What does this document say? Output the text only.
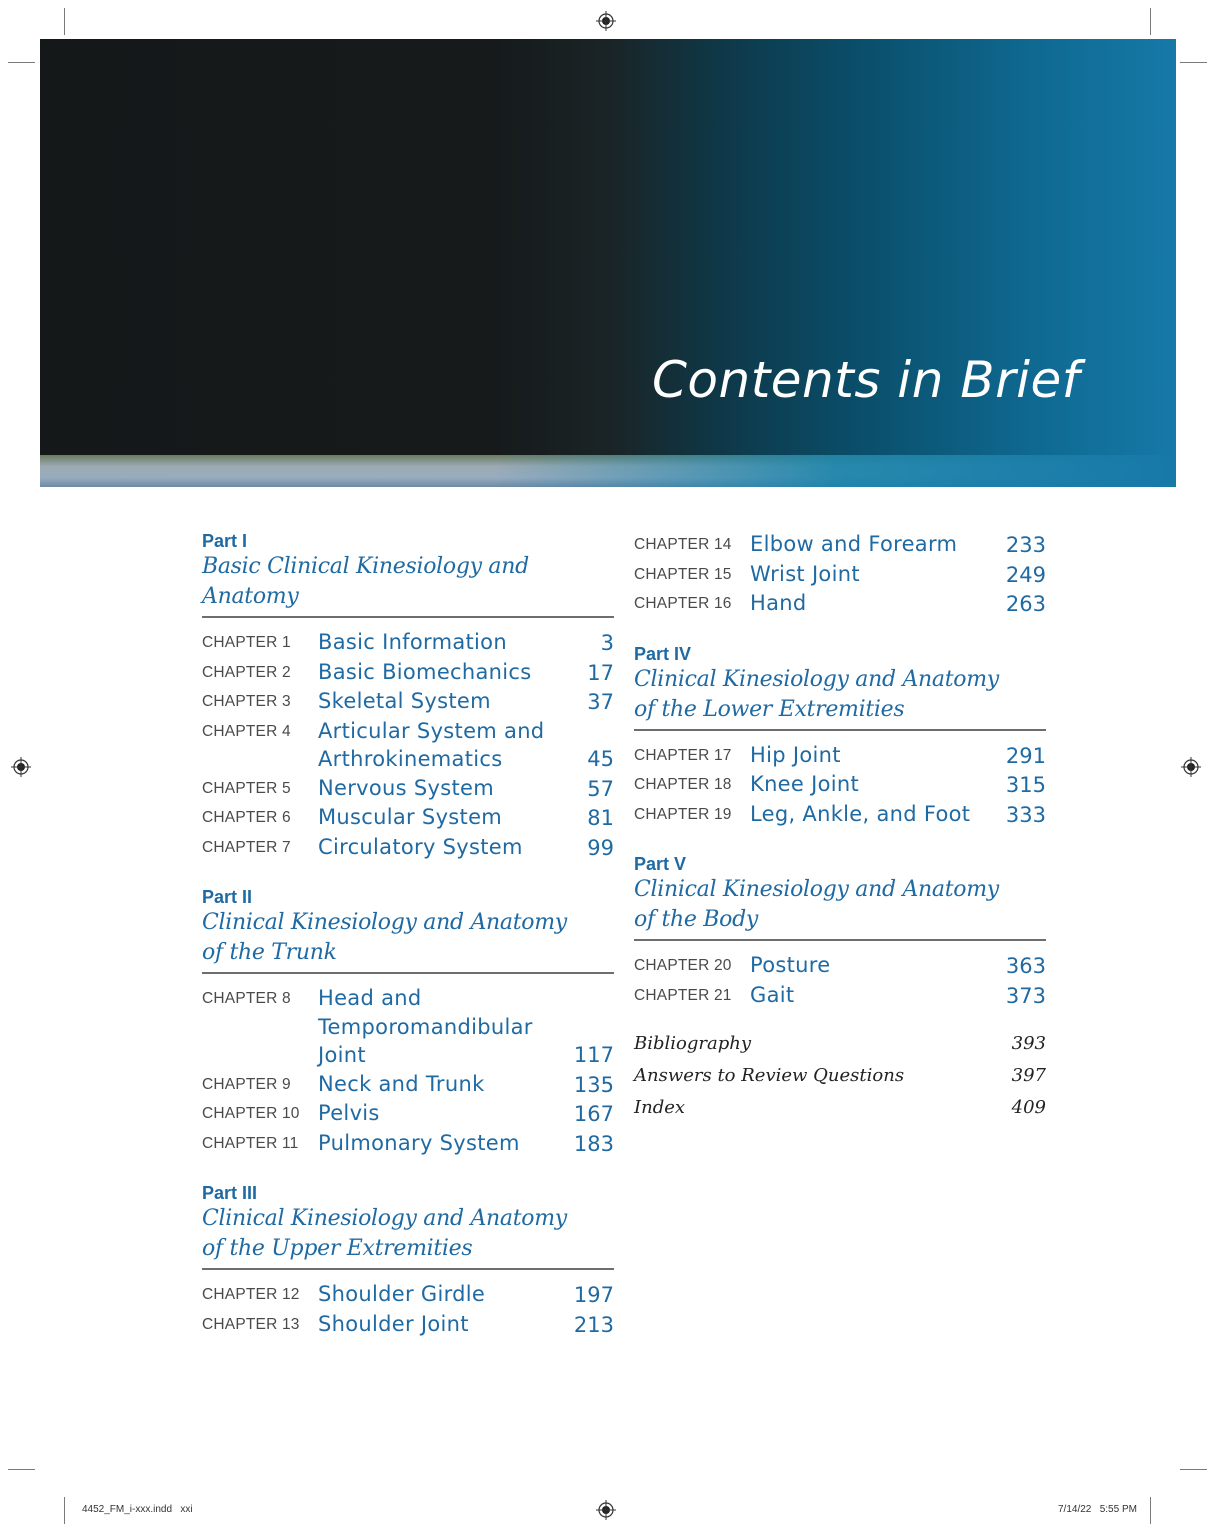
Contents in Brief
Part I
Basic Clinical Kinesiology and Anatomy
CHAPTER 1	Basic Information	3
CHAPTER 2	Basic Biomechanics	17
CHAPTER 3	Skeletal System	37
CHAPTER 4	Articular System and
Arthrokinematics	45
CHAPTER 5	Nervous System	57
CHAPTER 6	Muscular System	81
CHAPTER 7	Circulatory System	99
Part II
Clinical Kinesiology and Anatomy
of the Trunk
CHAPTER 8	Head and
Temporomandibular
Joint	117
CHAPTER 9	Neck and Trunk	135
CHAPTER 10 Pelvis	167
CHAPTER 11 Pulmonary System	183
Part III
Clinical Kinesiology and Anatomy
of the Upper Extremities
CHAPTER 12 Shoulder Girdle	197
CHAPTER 13 Shoulder Joint	213
CHAPTER 14 Elbow and Forearm	233
CHAPTER 15 Wrist Joint	249
CHAPTER 16 Hand	263
Part IV
Clinical Kinesiology and Anatomy
of the Lower Extremities
CHAPTER 17 Hip Joint	291
CHAPTER 18 Knee Joint	315
CHAPTER 19 Leg, Ankle, and Foot	333
Part V
Clinical Kinesiology and Anatomy
of the Body
CHAPTER 20 Posture	363
CHAPTER 21 Gait	373
Bibliography	393
Answers to Review Questions	397
Index	409
4452_FM_i-xxx.indd   xxi	7/14/22   5:55 PM
